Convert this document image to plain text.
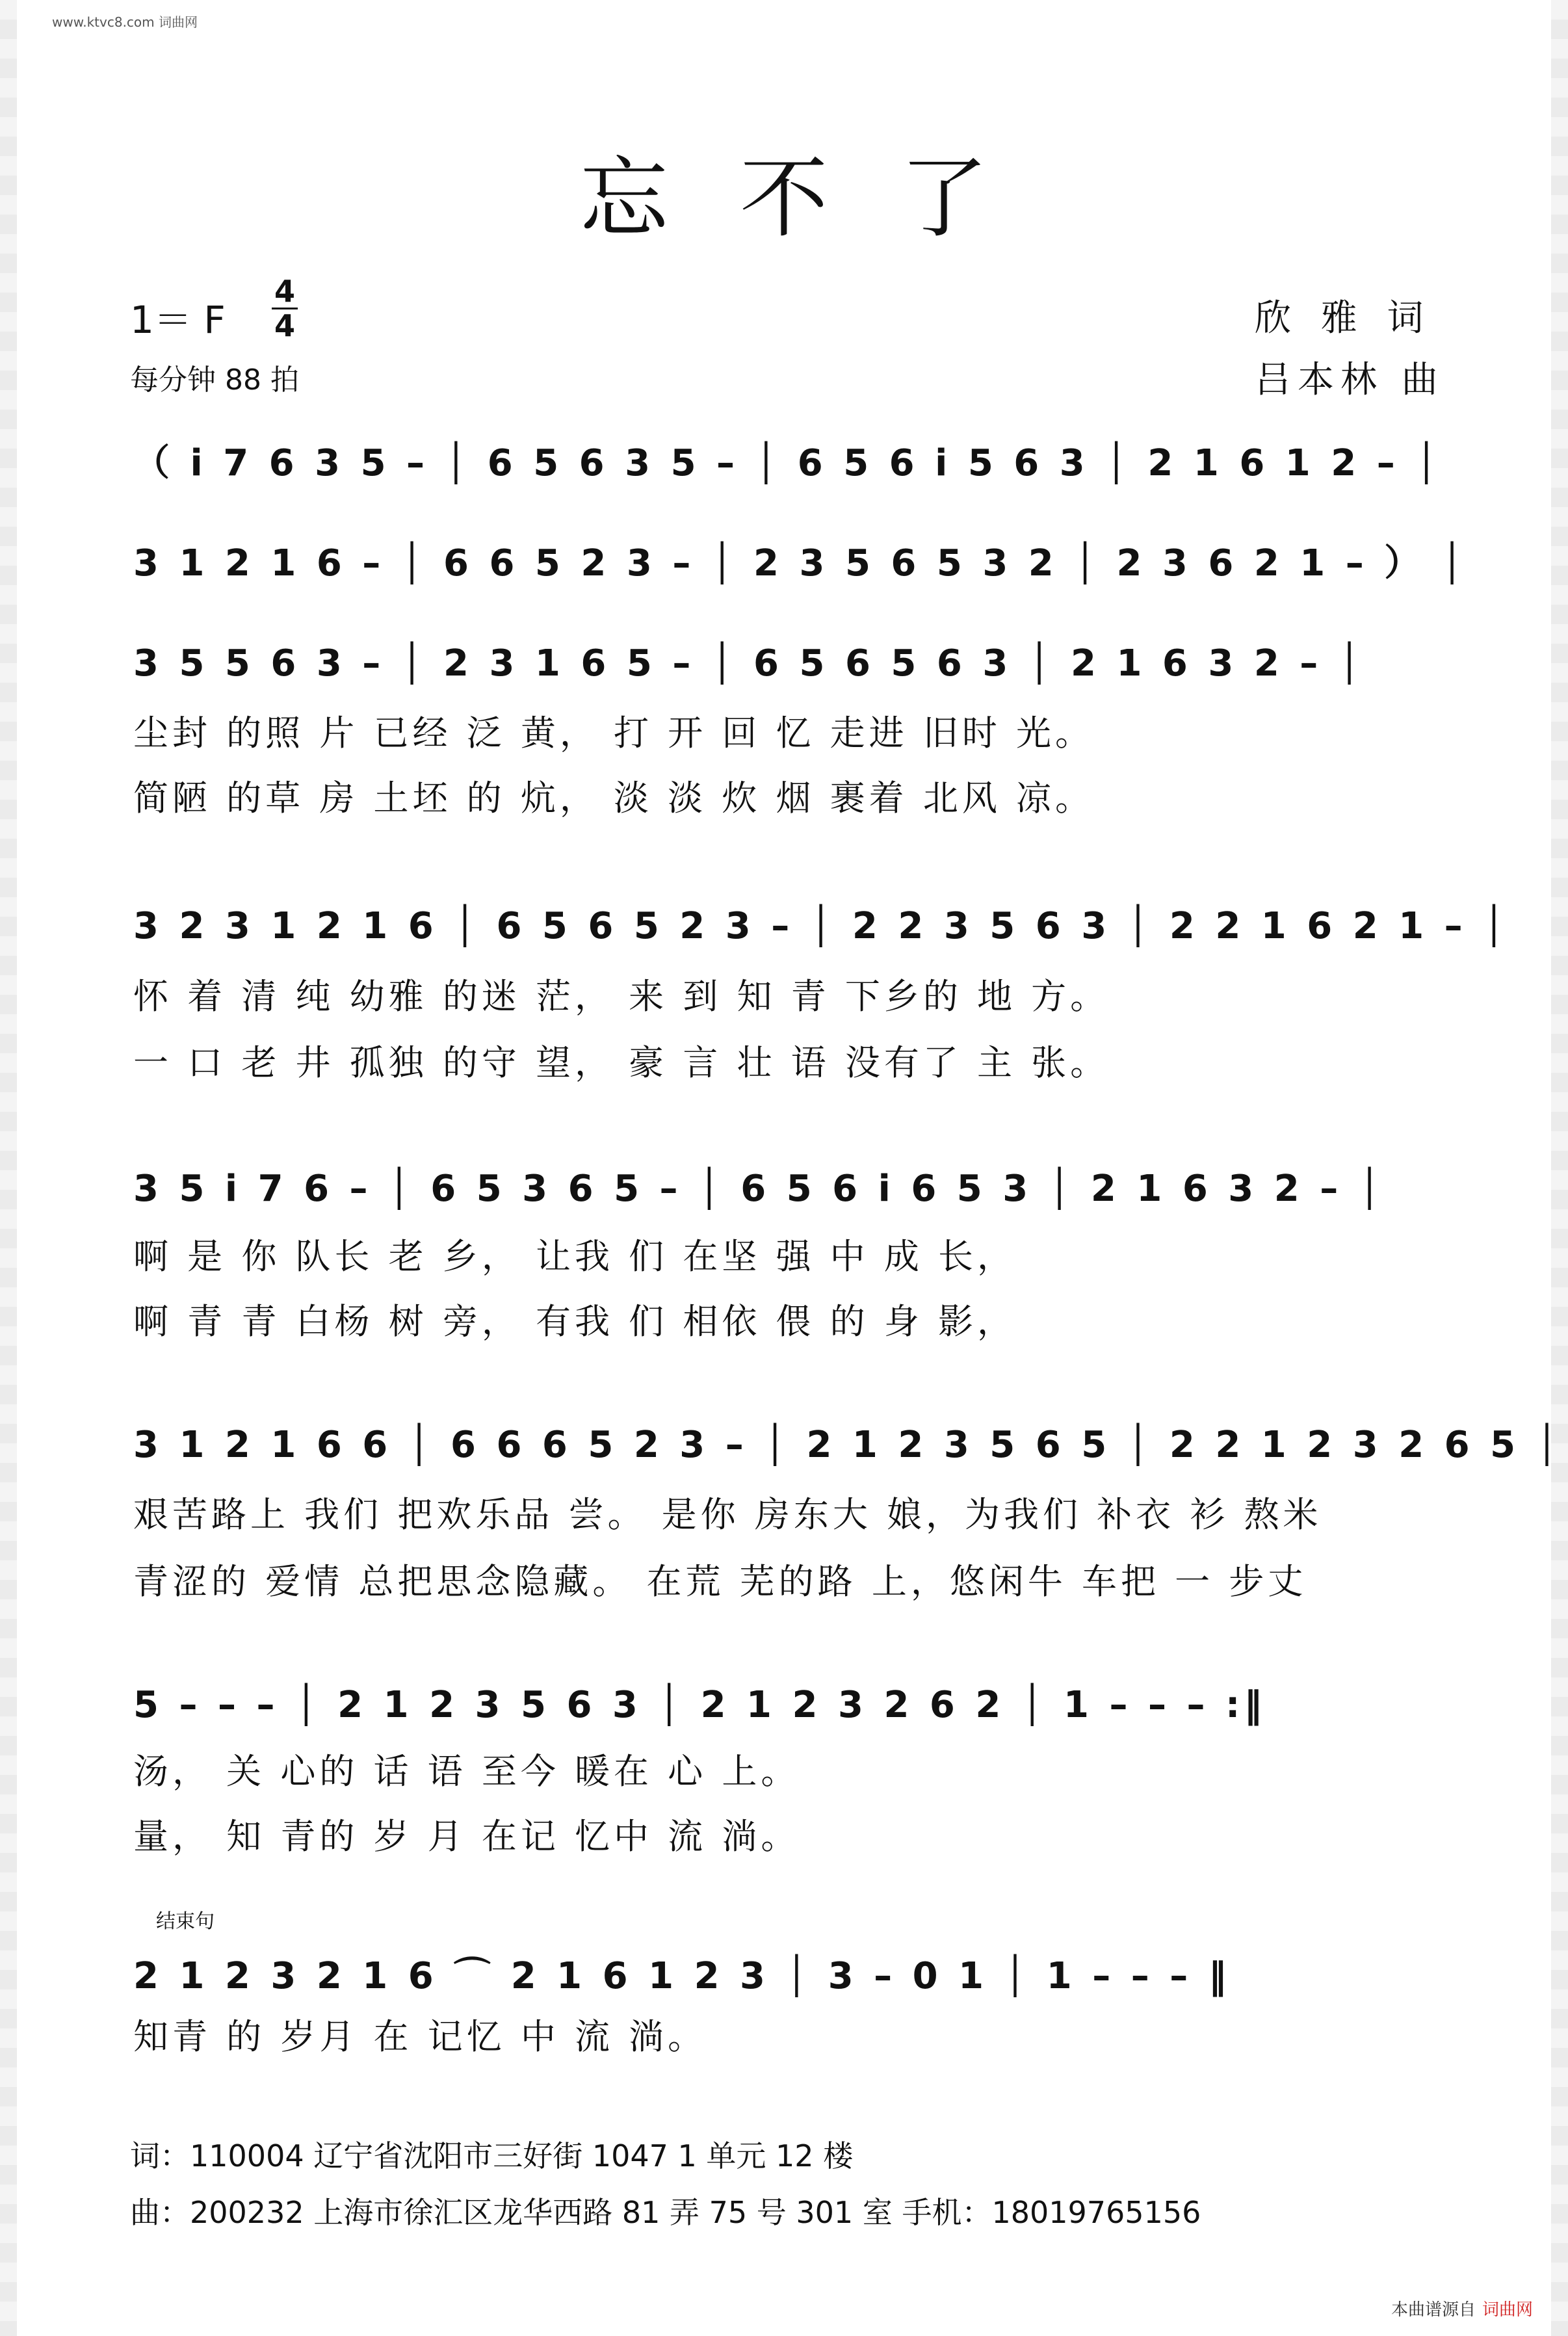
www.ktvc8.com 词曲网
忘不了
1＝ F
4
4
每分钟 88 拍
欣 雅 词
吕本林 曲
（ i 7 6 3 5 – │ 6 5 6 3 5 – │ 6 5 6 i 5 6 3 │ 2 1 6 1 2 – │
3 1 2 1 6 – │ 6 6 5 2 3 – │ 2 3 5 6 5 3 2 │ 2 3 6 2 1 – ） │
3 5 5 6 3 – │ 2 3 1 6 5 – │ 6 5 6 5 6 3 │ 2 1 6 3 2 – │
尘封 的照 片 已经 泛 黄， 打 开 回 忆 走进 旧时 光。
简陋 的草 房 土坯 的 炕， 淡 淡 炊 烟 裹着 北风 凉。
3 2 3 1 2 1 6 │ 6 5 6 5 2 3 – │ 2 2 3 5 6 3 │ 2 2 1 6 2 1 – │
怀 着 清 纯 幼雅 的迷 茫， 来 到 知 青 下乡的 地 方。
一 口 老 井 孤独 的守 望， 豪 言 壮 语 没有了 主 张。
3 5 i 7 6 – │ 6 5 3 6 5 – │ 6 5 6 i 6 5 3 │ 2 1 6 3 2 – │
啊 是 你 队长 老 乡， 让我 们 在坚 强 中 成 长，
啊 青 青 白杨 树 旁， 有我 们 相依 偎 的 身 影，
3 1 2 1 6 6 │ 6 6 6 5 2 3 – │ 2 1 2 3 5 6 5 │ 2 2 1 2 3 2 6 5 │
艰苦路上 我们 把欢乐品 尝。 是你 房东大 娘，为我们 补衣 衫 熬米
青涩的 爱情 总把思念隐藏。 在荒 芜的路 上，悠闲牛 车把 一 步丈
5 – – – │ 2 1 2 3 5 6 3 │ 2 1 2 3 2 6 2 │ 1 – – – :‖
汤， 关 心的 话 语 至今 暖在 心 上。
量， 知 青的 岁 月 在记 忆中 流 淌。
结束句
2 1 2 3 2 1 6 ⌒ 2 1 6 1 2 3 │ 3 – 0 1 │ 1 – – – ‖
知青 的 岁月 在 记忆 中 流 淌。
词：110004 辽宁省沈阳市三好街 1047 1 单元 12 楼
曲：200232 上海市徐汇区龙华西路 81 弄 75 号 301 室 手机：18019765156
本曲谱源自 词曲网
